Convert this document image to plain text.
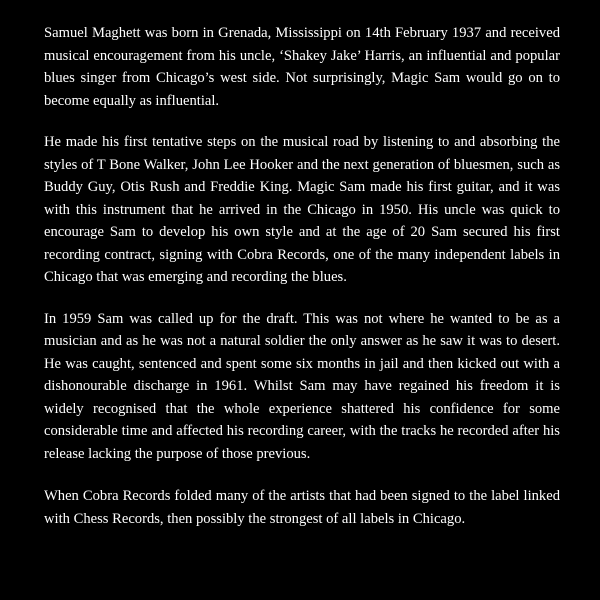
Samuel Maghett was born in Grenada, Mississippi on 14th February 1937 and received musical encouragement from his uncle, ‘Shakey Jake’ Harris, an influential and popular blues singer from Chicago’s west side. Not surprisingly, Magic Sam would go on to become equally as influential.

He made his first tentative steps on the musical road by listening to and absorbing the styles of T Bone Walker, John Lee Hooker and the next generation of bluesmen, such as Buddy Guy, Otis Rush and Freddie King. Magic Sam made his first guitar, and it was with this instrument that he arrived in the Chicago in 1950. His uncle was quick to encourage Sam to develop his own style and at the age of 20 Sam secured his first recording contract, signing with Cobra Records, one of the many independent labels in Chicago that was emerging and recording the blues.

In 1959 Sam was called up for the draft. This was not where he wanted to be as a musician and as he was not a natural soldier the only answer as he saw it was to desert. He was caught, sentenced and spent some six months in jail and then kicked out with a dishonourable discharge in 1961. Whilst Sam may have regained his freedom it is widely recognised that the whole experience shattered his confidence for some considerable time and affected his recording career, with the tracks he recorded after his release lacking the purpose of those previous.

When Cobra Records folded many of the artists that had been signed to the label linked with Chess Records, then possibly the strongest of all labels in Chicago.
